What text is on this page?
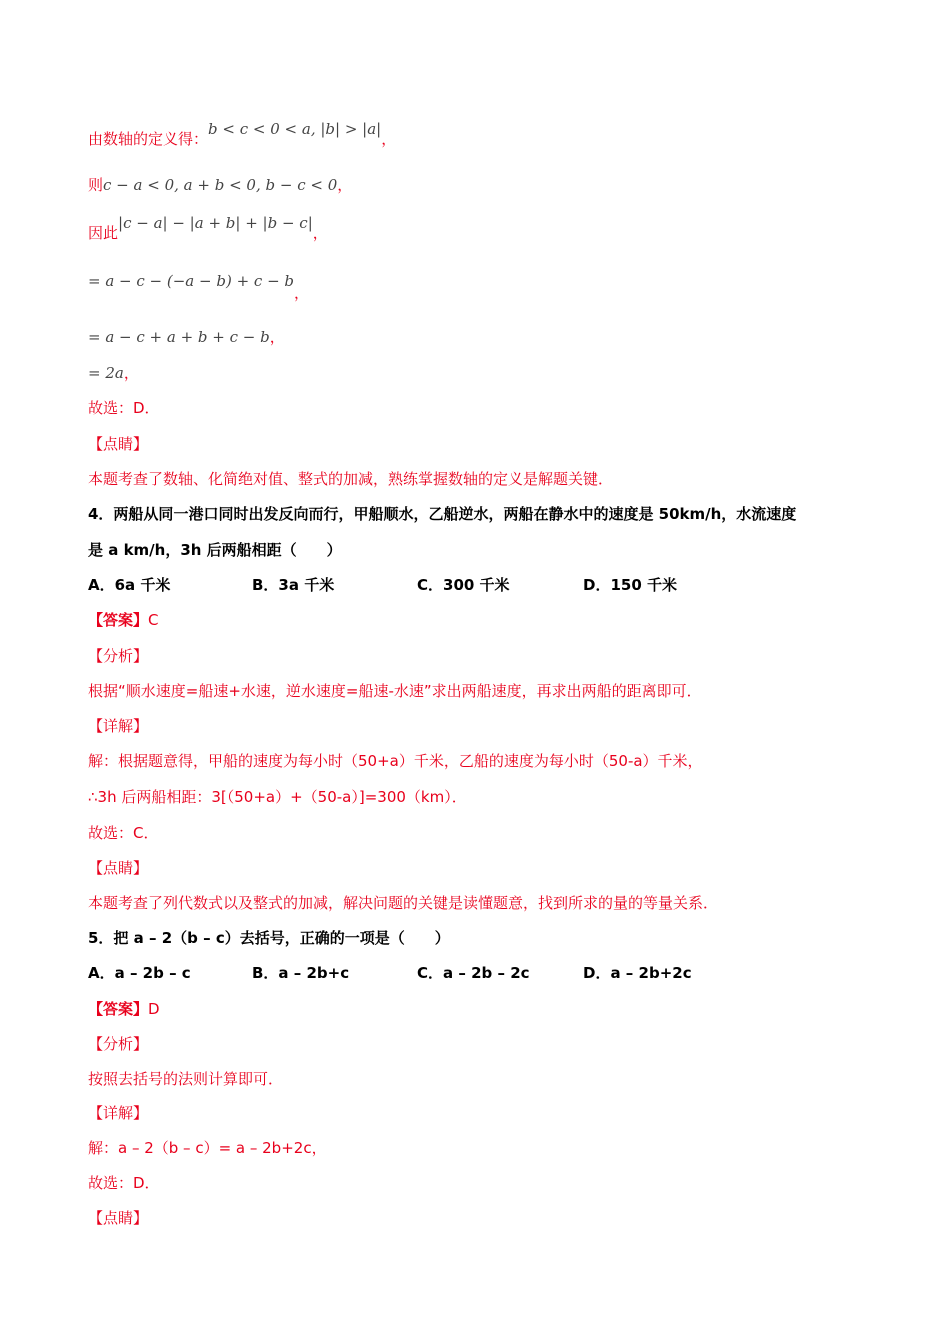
由数轴的定义得：b < c < 0 < a, |b| > |a|，
则c − a < 0, a + b < 0, b − c < 0，
因此|c − a| − |a + b| + |b − c|，
= a − c − (−a − b) + c − b，
= a − c + a + b + c − b，
= 2a，
故选：D．
【点睛】
本题考查了数轴、化简绝对值、整式的加减，熟练掌握数轴的定义是解题关键．
4．两船从同一港口同时出发反向而行，甲船顺水，乙船逆水，两船在静水中的速度是 50km/h，水流速度
是 a km/h，3h 后两船相距（　　）
A．6a 千米	B．3a 千米	C．300 千米	D．150 千米
【答案】C
【分析】
根据“顺水速度=船速+水速，逆水速度=船速-水速”求出两船速度，再求出两船的距离即可．
【详解】
解：根据题意得，甲船的速度为每小时（50+a）千米，乙船的速度为每小时（50-a）千米，
∴3h 后两船相距：3[（50+a）+（50-a）]=300（km）．
故选：C．
【点睛】
本题考查了列代数式以及整式的加减，解决问题的关键是读懂题意，找到所求的量的等量关系．
5．把 a – 2（b – c）去括号，正确的一项是（　　）
A．a – 2b – c	B．a – 2b+c	C．a – 2b – 2c	D．a – 2b+2c
【答案】D
【分析】
按照去括号的法则计算即可．
【详解】
解：a – 2（b – c）= a – 2b+2c，
故选：D．
【点睛】
